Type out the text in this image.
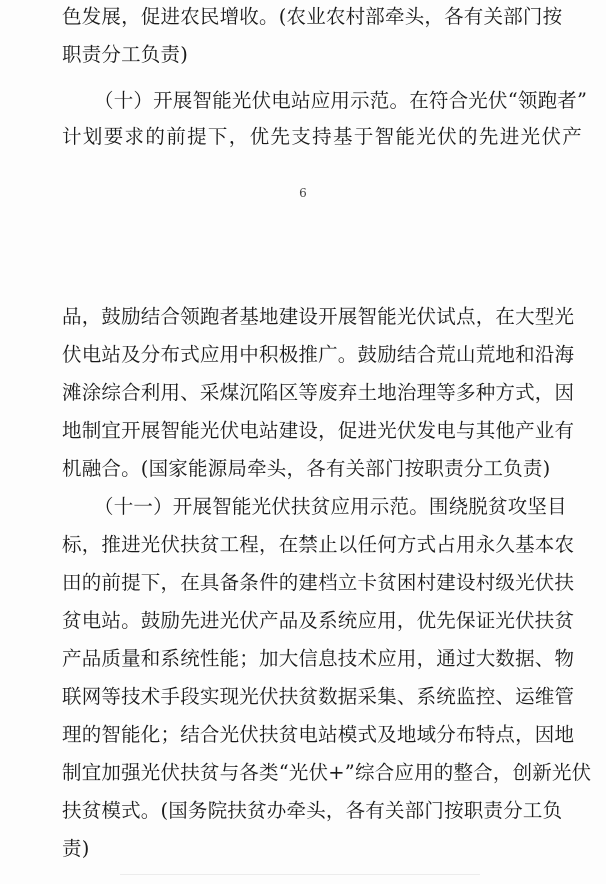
色发展，促进农民增收。(农业农村部牵头，各有关部门按
职责分工负责)
（十）开展智能光伏电站应用示范。在符合光伏“领跑者”
计划要求的前提下，优先支持基于智能光伏的先进光伏产
6
品，鼓励结合领跑者基地建设开展智能光伏试点，在大型光
伏电站及分布式应用中积极推广。鼓励结合荒山荒地和沿海
滩涂综合利用、采煤沉陷区等废弃土地治理等多种方式，因
地制宜开展智能光伏电站建设，促进光伏发电与其他产业有
机融合。(国家能源局牵头，各有关部门按职责分工负责)
（十一）开展智能光伏扶贫应用示范。围绕脱贫攻坚目
标，推进光伏扶贫工程，在禁止以任何方式占用永久基本农
田的前提下，在具备条件的建档立卡贫困村建设村级光伏扶
贫电站。鼓励先进光伏产品及系统应用，优先保证光伏扶贫
产品质量和系统性能；加大信息技术应用，通过大数据、物
联网等技术手段实现光伏扶贫数据采集、系统监控、运维管
理的智能化；结合光伏扶贫电站模式及地域分布特点，因地
制宜加强光伏扶贫与各类“光伏+”综合应用的整合，创新光伏
扶贫模式。(国务院扶贫办牵头，各有关部门按职责分工负
责)
